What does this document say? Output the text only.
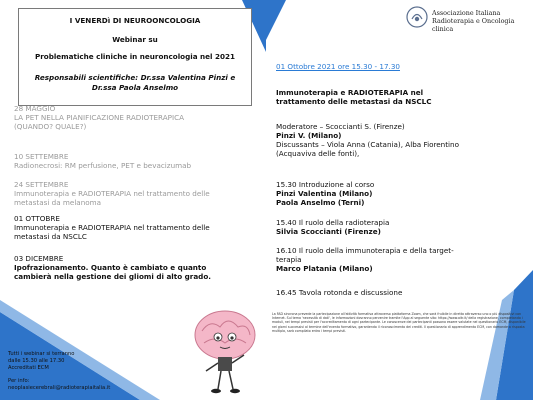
I VENERDì DI NEUROONCOLOGIA
Webinar su
Problematiche cliniche in neuroncologia nel 2021
Responsabili scientifiche: Dr.ssa Valentina Pinzi e
Dr.ssa Paola Anselmo
28 MAGGIO
LA PET NELLA PIANIFICAZIONE RADIOTERAPICA
(QUANDO? QUALE?)
10 SETTEMBRE
Radionecrosi: RM perfusione, PET e bevacizumab
24 SETTEMBRE
Immunoterapia e RADIOTERAPIA nel trattamento delle
metastasi da melanoma
01 OTTOBRE
Immunoterapia e RADIOTERAPIA nel trattamento delle
metastasi da NSCLC
03 DICEMBRE
Ipofrazionamento. Quanto è cambiato e quanto
cambierà nella gestione dei gliomi di alto grado.
Tutti i webinar si terranno
dalle 15.30 alle 17.30
Accreditati ECM
Per info:
neoplasiecerebrali@radioterapiaitalia.it
Associazione Italiana
Radioterapia e Oncologia clinica
01 Ottobre 2021 ore 15.30 - 17.30
Immunoterapia e RADIOTERAPIA nel
trattamento delle metastasi da NSCLC
Moderatore – Scoccianti S. (Firenze)
Pinzi V. (Milano)
Discussants – Viola Anna (Catania), Alba Fiorentino
(Acquaviva delle fonti),
15.30 Introduzione al corso
Pinzi Valentina (Milano)
Paola Anselmo (Terni)
15.40 Il ruolo della radioterapia
Silvia Scoccianti (Firenze)
16.10 Il ruolo della immunoterapia e della target-
terapia
Marco Platania (Milano)
16.45 Tavola rotonda e discussione
La FAD sincrona prevede la partecipazione all'attività formativa attraverso piattaforma Zoom, che sarà fruibile in diretta attraverso uno o più dispositivi con Internet. Sul tema 'necessità di dati', le informazioni dovranno pervenire tramite l'App al seguente sito: https://www.aitr.it/ della registrazione, completando i moduli, nei tempi previsti per l'accreditamento di ogni partecipante. Le conoscenze dei partecipanti possono essere valutate nel questionario ECM, disponibile nei giorni successivi al termine dell'evento formativo, garantendo il riconoscimento dei crediti. Il questionario di apprendimento ECM, con domande a risposta multipla, sarà compilato entro i tempi previsti.
